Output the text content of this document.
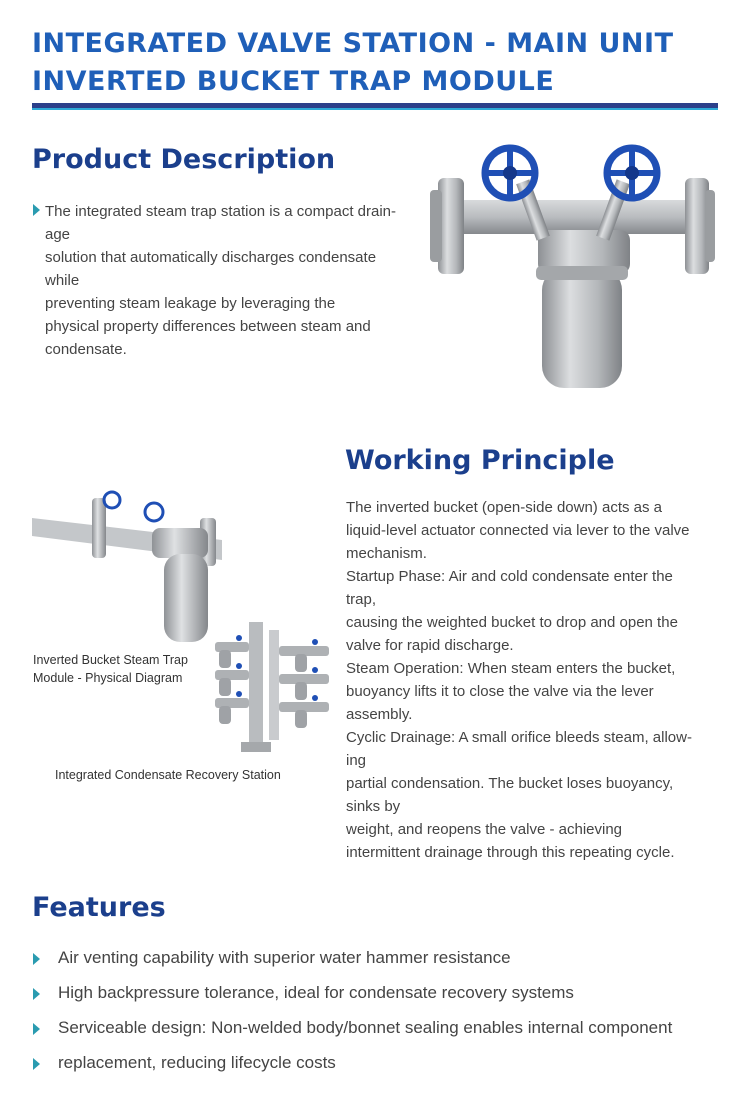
INTEGRATED VALVE STATION - MAIN UNIT
INVERTED BUCKET TRAP MODULE
Product Description
The integrated steam trap station is a compact drain-
age
solution that automatically discharges condensate
while
preventing steam leakage by leveraging the
physical property differences between steam and
condensate.
Working Principle
The inverted bucket (open-side down) acts as a
liquid-level actuator connected via lever to the valve
mechanism.
Startup Phase: Air and cold condensate enter the
trap,
causing the weighted bucket to drop and open the
valve for rapid discharge.
Steam Operation: When steam enters the bucket,
buoyancy lifts it to close the valve via the lever
assembly.
Cyclic Drainage: A small orifice bleeds steam, allow-
ing
partial condensation. The bucket loses buoyancy,
sinks by
weight, and reopens the valve - achieving
intermittent drainage through this repeating cycle.
Inverted Bucket Steam Trap
Module - Physical Diagram
Integrated Condensate Recovery Station
Features
Air venting capability with superior water hammer resistance
High backpressure tolerance, ideal for condensate recovery systems
Serviceable design: Non-welded body/bonnet sealing enables internal component
replacement, reducing lifecycle costs
